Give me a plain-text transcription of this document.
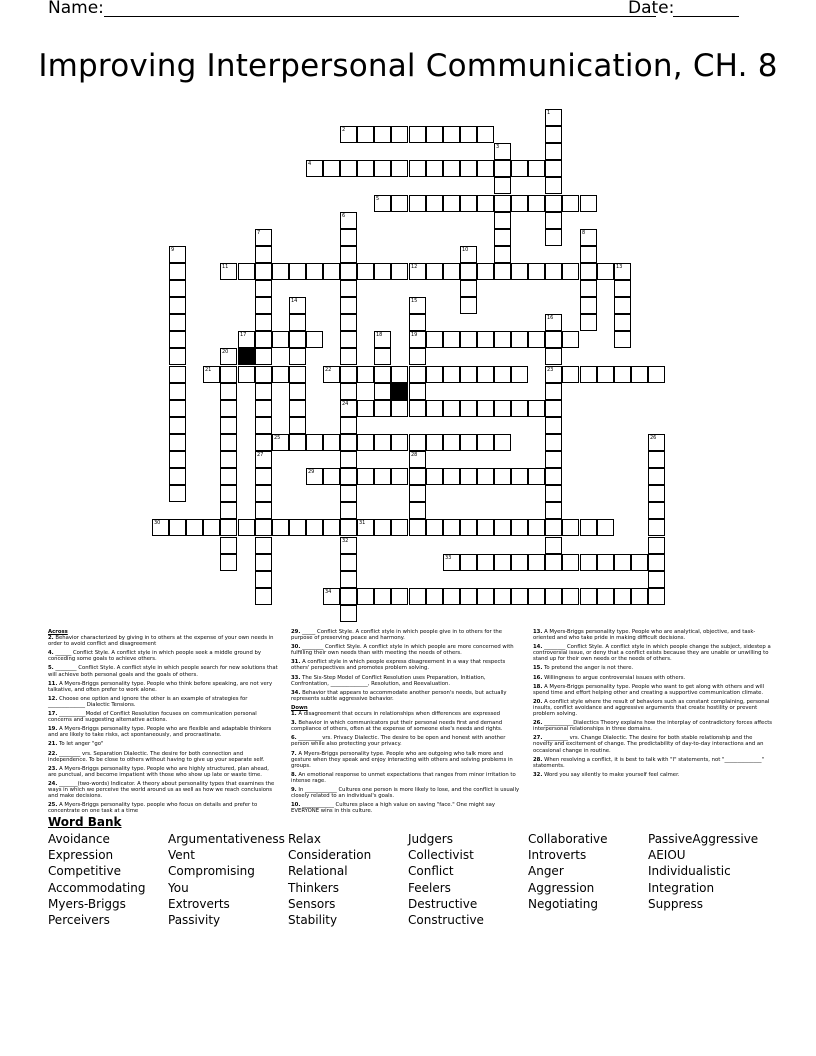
Name:	Date:
Improving Interpersonal Communication, CH. 8
2
4
5
11	12
17	19
21	22	23
24
25
29
30	31
33
34
1
3
6
7	8
9	10
13
14	15
16
18
20
26
27	28
32
Across
2. Behavior characterized by giving in to others at the expense of your own needs in order to avoid conflict and disagreement
4. ______ Conflict Style. A conflict style in which people seek a middle ground by conceding some goals to achieve others.
5. ________ Conflict Style. A conflict style in which people search for new solutions that will achieve both personal goals and the goals of others.
11. A Myers-Briggs personality type. People who think before speaking, are not very talkative, and often prefer to work alone.
12. Choose one option and ignore the other is an example of strategies for ______________ Dialectic Tensions.
17. __________Model of Conflict Resolution focuses on communication personal concerns and suggesting alternative actions.
19. A Myers-Briggs personality type. People who are flexible and adaptable thinkers and are likely to take risks, act spontaneously, and procrastinate.
21. To let anger "go"
22. ________ vrs. Separation Dialectic. The desire for both connection and independence. To be close to others without having to give up your separate self.
23. A Myers-Briggs personality type. People who are highly structured, plan ahead, are punctual, and become impatient with those who show up late or waste time.
24. _______(two-words) Indicator. A theory about personality types that examines the ways in which we perceive the world around us as well as how we reach conclusions and make decisions.
25. A Myers-Briggs personality type. people who focus on details and prefer to concentrate on one task at a time
29. _____ Conflict Style. A conflict style in which people give in to others for the purpose of preserving peace and harmony.
30. ________ Conflict Style. A conflict style in which people are more concerned with fulfilling their own needs than with meeting the needs of others.
31. A conflict style in which people express disagreement in a way that respects others' perspectives and promotes problem solving.
33. The Six-Step Model of Conflict Resolution uses Preparation, Initiation, Confrontation, ______________, Resolution, and Reevaluation.
34. Behavior that appears to accommodate another person's needs, but actually represents subtle aggressive behavior.
Down
1. A disagreement that occurs in relationships when differences are expressed
3. Behavior in which communicators put their personal needs first and demand compliance of others, often at the expense of someone else's needs and rights.
6. _________vrs. Privacy Dialectic. The desire to be open and honest with another person while also protecting your privacy.
7. A Myers-Briggs personality type. People who are outgoing who talk more and gesture when they speak and enjoy interacting with others and solving problems in groups.
8. An emotional response to unmet expectations that ranges from minor irritation to intense rage.
9. In ____________ Cultures one person is more likely to lose, and the conflict is usually closely related to an individual's goals.
10. ____________ Cultures place a high value on saving "face." One might say EVERYONE wins in this culture.
13. A Myers-Briggs personality type. People who are analytical, objective, and task-oriented and who take pride in making difficult decisions.
14. ________ Conflict Style. A conflict style in which people change the subject, sidestep a controversial issue, or deny that a conflict exists because they are unable or unwilling to stand up for their own needs or the needs of others.
15. To pretend the anger is not there.
16. Willingness to argue controversial issues with others.
18. A Myers-Briggs personality type. People who want to get along with others and will spend time and effort helping other and creating a supportive communication climate.
20. A conflict style where the result of behaviors such as constant complaining, personal insults, conflict avoidance and aggressive arguments that create hostility or prevent problem solving.
26. ___________Dialectics Theory explains how the interplay of contradictory forces affects interpersonal relationships in three domains.
27. _________ vrs. Change Dialectic. The desire for both stable relationship and the novelty and excitement of change. The predictability of day-to-day interactions and an occasional change in routine.
28. When resolving a conflict, it is best to talk with "I" statements, not "______________" statements.
32. Word you say silently to make yourself feel calmer.
Word Bank
Avoidance	Argumentativeness Relax	Judgers	Collaborative	PassiveAggressive
Expression	Vent	Consideration	Collectivist	Introverts	AEIOU
Competitive	Compromising	Relational	Conflict	Anger	Individualistic
Accommodating	You	Thinkers	Feelers	Aggression	Integration
Myers-Briggs	Extroverts	Sensors	Destructive	Negotiating	Suppress
Perceivers	Passivity	Stability	Constructive
